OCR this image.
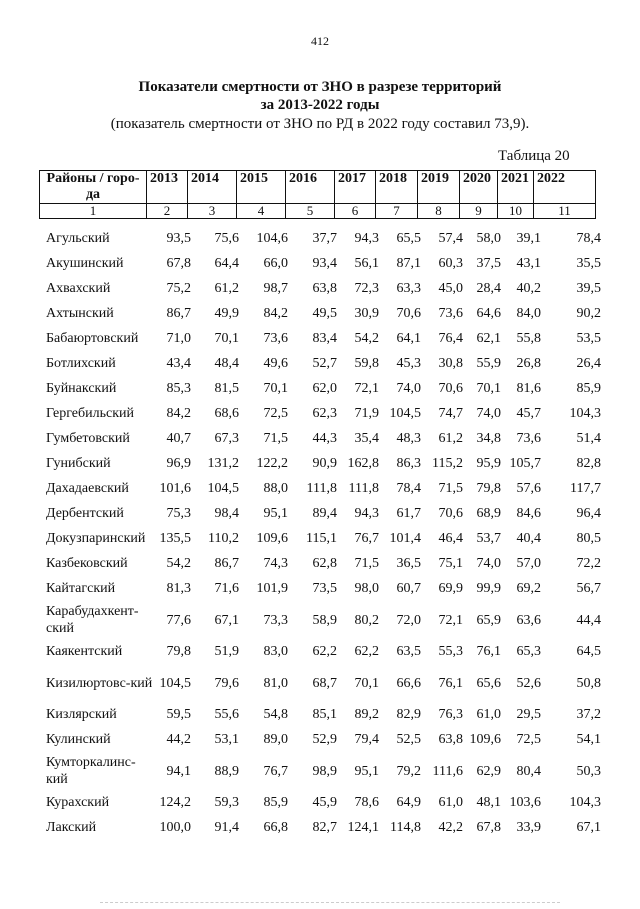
412
Показатели смертности от ЗНО в разрезе территорий
за 2013-2022 годы
(показатель смертности от ЗНО по РД в 2022 году составил 73,9).
Таблица 20
Районы / горо-да	2013	2014	2015	2016	2017	2018	2019	2020	2021	2022
1	2	3	4	5	6	7	8	9	10	11
Агульский	93,5	75,6	104,6	37,7	94,3	65,5	57,4	58,0	39,1	78,4
Акушинский	67,8	64,4	66,0	93,4	56,1	87,1	60,3	37,5	43,1	35,5
Ахвахский	75,2	61,2	98,7	63,8	72,3	63,3	45,0	28,4	40,2	39,5
Ахтынский	86,7	49,9	84,2	49,5	30,9	70,6	73,6	64,6	84,0	90,2
Бабаюртовский	71,0	70,1	73,6	83,4	54,2	64,1	76,4	62,1	55,8	53,5
Ботлихский	43,4	48,4	49,6	52,7	59,8	45,3	30,8	55,9	26,8	26,4
Буйнакский	85,3	81,5	70,1	62,0	72,1	74,0	70,6	70,1	81,6	85,9
Гергебильский	84,2	68,6	72,5	62,3	71,9	104,5	74,7	74,0	45,7	104,3
Гумбетовский	40,7	67,3	71,5	44,3	35,4	48,3	61,2	34,8	73,6	51,4
Гунибский	96,9	131,2	122,2	90,9	162,8	86,3	115,2	95,9	105,7	82,8
Дахадаевский	101,6	104,5	88,0	111,8	111,8	78,4	71,5	79,8	57,6	117,7
Дербентский	75,3	98,4	95,1	89,4	94,3	61,7	70,6	68,9	84,6	96,4
Докузпаринский	135,5	110,2	109,6	115,1	76,7	101,4	46,4	53,7	40,4	80,5
Казбековский	54,2	86,7	74,3	62,8	71,5	36,5	75,1	74,0	57,0	72,2
Кайтагский	81,3	71,6	101,9	73,5	98,0	60,7	69,9	99,9	69,2	56,7
Карабудахкент-ский	77,6	67,1	73,3	58,9	80,2	72,0	72,1	65,9	63,6	44,4
Каякентский	79,8	51,9	83,0	62,2	62,2	63,5	55,3	76,1	65,3	64,5
Кизилюртовс-кий	104,5	79,6	81,0	68,7	70,1	66,6	76,1	65,6	52,6	50,8
Кизлярский	59,5	55,6	54,8	85,1	89,2	82,9	76,3	61,0	29,5	37,2
Кулинский	44,2	53,1	89,0	52,9	79,4	52,5	63,8	109,6	72,5	54,1
Кумторкалинс-кий	94,1	88,9	76,7	98,9	95,1	79,2	111,6	62,9	80,4	50,3
Курахский	124,2	59,3	85,9	45,9	78,6	64,9	61,0	48,1	103,6	104,3
Лакский	100,0	91,4	66,8	82,7	124,1	114,8	42,2	67,8	33,9	67,1
